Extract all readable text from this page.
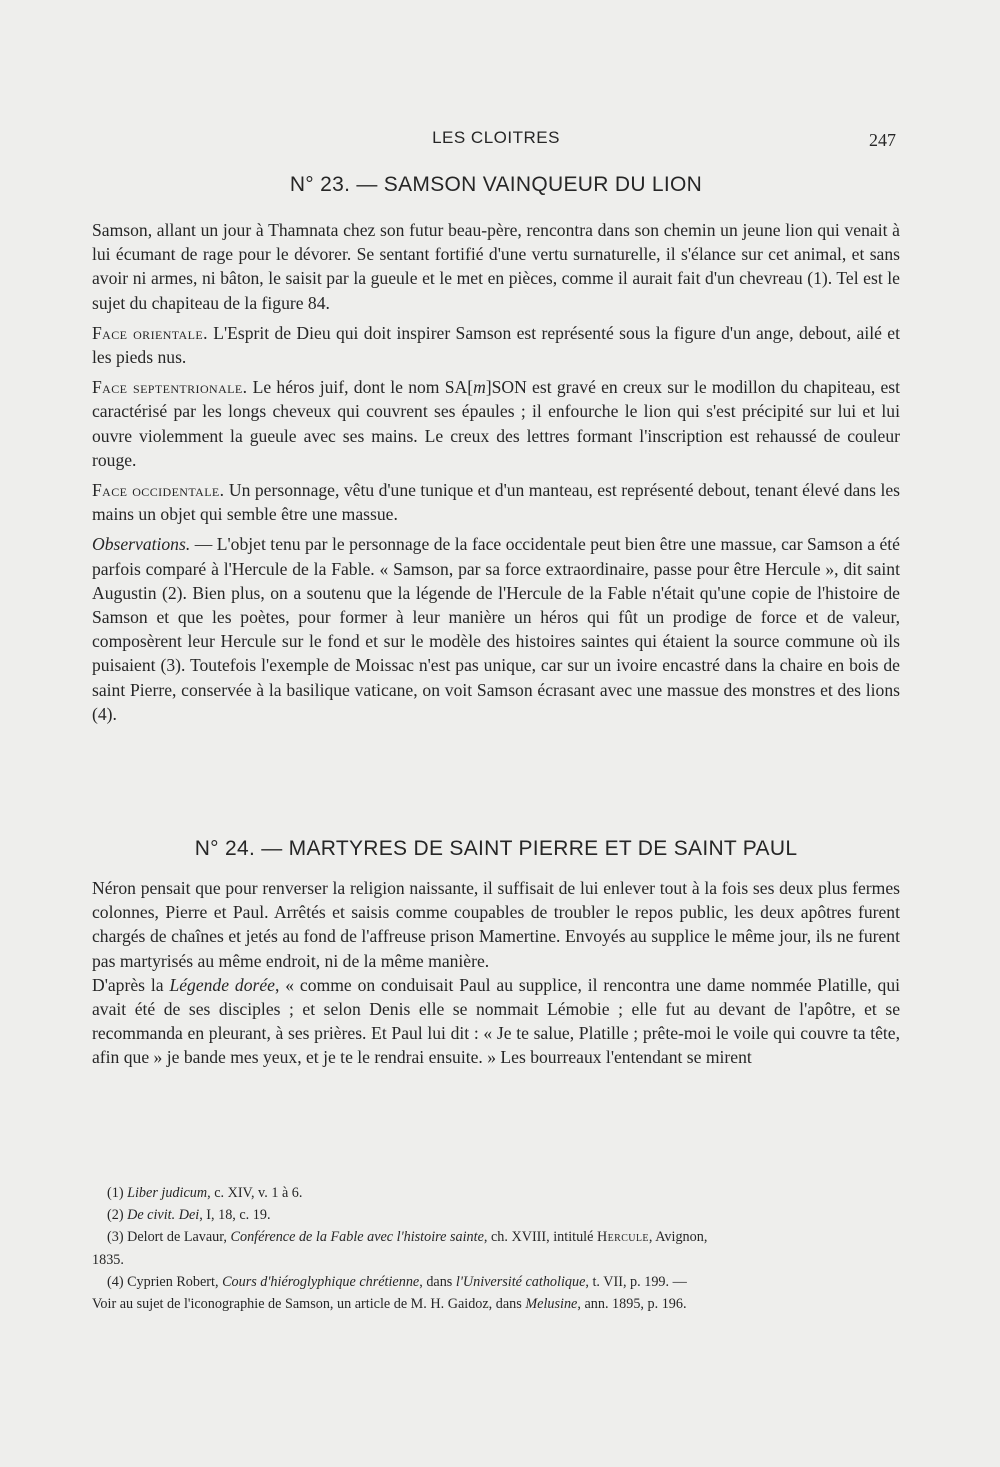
LES CLOITRES	247
N° 23. — SAMSON VAINQUEUR DU LION

Samson, allant un jour à Thamnata chez son futur beau-père, rencontra dans son chemin un jeune lion qui venait à lui écumant de rage pour le dévorer. Se sentant fortifié d'une vertu surnaturelle, il s'élance sur cet animal, et sans avoir ni armes, ni bâton, le saisit par la gueule et le met en pièces, comme il aurait fait d'un chevreau (1). Tel est le sujet du chapiteau de la figure 84.

Face orientale. L'Esprit de Dieu qui doit inspirer Samson est représenté sous la figure d'un ange, debout, ailé et les pieds nus.

Face septentrionale. Le héros juif, dont le nom SA[m]SON est gravé en creux sur le modillon du chapiteau, est caractérisé par les longs cheveux qui couvrent ses épaules ; il enfourche le lion qui s'est précipité sur lui et lui ouvre violemment la gueule avec ses mains. Le creux des lettres formant l'inscription est rehaussé de couleur rouge.

Face occidentale. Un personnage, vêtu d'une tunique et d'un manteau, est représenté debout, tenant élevé dans les mains un objet qui semble être une massue.

Observations. — L'objet tenu par le personnage de la face occidentale peut bien être une massue, car Samson a été parfois comparé à l'Hercule de la Fable. « Samson, par sa force extraordinaire, passe pour être Hercule », dit saint Augustin (2). Bien plus, on a soutenu que la légende de l'Hercule de la Fable n'était qu'une copie de l'histoire de Samson et que les poètes, pour former à leur manière un héros qui fût un prodige de force et de valeur, composèrent leur Hercule sur le fond et sur le modèle des histoires saintes qui étaient la source commune où ils puisaient (3). Toutefois l'exemple de Moissac n'est pas unique, car sur un ivoire encastré dans la chaire en bois de saint Pierre, conservée à la basilique vaticane, on voit Samson écrasant avec une massue des monstres et des lions (4).

N° 24. — MARTYRES DE SAINT PIERRE ET DE SAINT PAUL

Néron pensait que pour renverser la religion naissante, il suffisait de lui enlever tout à la fois ses deux plus fermes colonnes, Pierre et Paul. Arrêtés et saisis comme coupables de troubler le repos public, les deux apôtres furent chargés de chaînes et jetés au fond de l'affreuse prison Mamertine. Envoyés au supplice le même jour, ils ne furent pas martyrisés au même endroit, ni de la même manière.

D'après la Légende dorée, « comme on conduisait Paul au supplice, il rencontra une dame nommée Platille, qui avait été de ses disciples ; et selon Denis elle se nommait Lémobie ; elle fut au devant de l'apôtre, et se recommanda en pleurant, à ses prières. Et Paul lui dit : « Je te salue, Platille ; prête-moi le voile qui couvre ta tête, afin que » je bande mes yeux, et je te le rendrai ensuite. » Les bourreaux l'entendant se mirent

(1) Liber judicum, c. XIV, v. 1 à 6.

(2) De civit. Dei, I, 18, c. 19.

(3) Delort de Lavaur, Conférence de la Fable avec l'histoire sainte, ch. XVIII, intitulé Hercule, Avignon,

1835.

(4) Cyprien Robert, Cours d'hiéroglyphique chrétienne, dans l'Université catholique, t. VII, p. 199. —

Voir au sujet de l'iconographie de Samson, un article de M. H. Gaidoz, dans Melusine, ann. 1895, p. 196.
